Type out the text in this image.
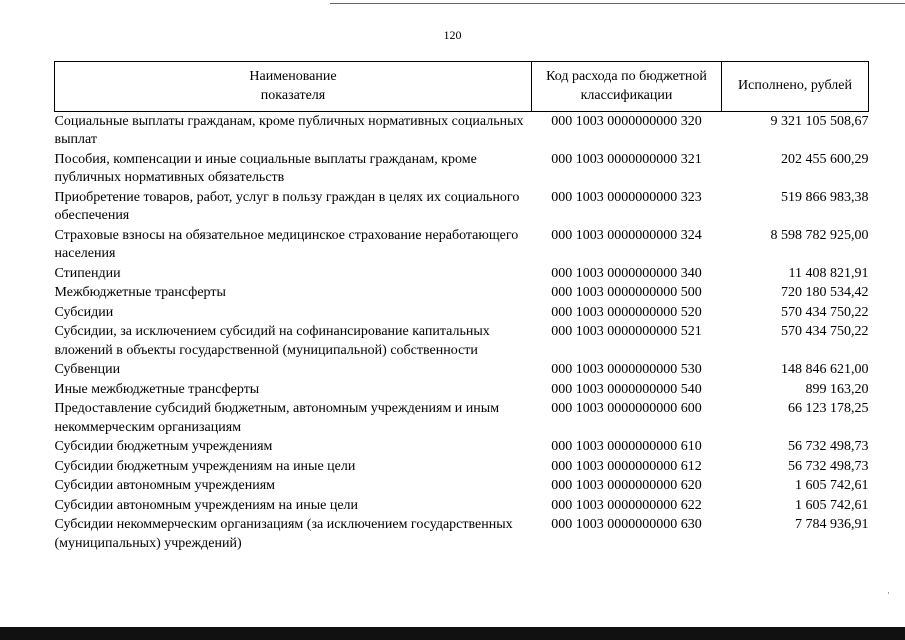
120
Наименование
показателя	Код расхода по бюджетной классификации	Исполнено, рублей
Социальные выплаты гражданам, кроме публичных нормативных социальных выплат	000 1003 0000000000 320	9 321 105 508,67
Пособия, компенсации и иные социальные выплаты гражданам, кроме публичных нормативных обязательств	000 1003 0000000000 321	202 455 600,29
Приобретение товаров, работ, услуг в пользу граждан в целях их социального обеспечения	000 1003 0000000000 323	519 866 983,38
Страховые взносы на обязательное медицинское страхование неработающего населения	000 1003 0000000000 324	8 598 782 925,00
Стипендии	000 1003 0000000000 340	11 408 821,91
Межбюджетные трансферты	000 1003 0000000000 500	720 180 534,42
Субсидии	000 1003 0000000000 520	570 434 750,22
Субсидии, за исключением субсидий на софинансирование капитальных вложений в объекты государственной (муниципальной) собственности	000 1003 0000000000 521	570 434 750,22
Субвенции	000 1003 0000000000 530	148 846 621,00
Иные межбюджетные трансферты	000 1003 0000000000 540	899 163,20
Предоставление субсидий бюджетным, автономным учреждениям и иным некоммерческим организациям	000 1003 0000000000 600	66 123 178,25
Субсидии бюджетным учреждениям	000 1003 0000000000 610	56 732 498,73
Субсидии бюджетным учреждениям на иные цели	000 1003 0000000000 612	56 732 498,73
Субсидии автономным учреждениям	000 1003 0000000000 620	1 605 742,61
Субсидии автономным учреждениям на иные цели	000 1003 0000000000 622	1 605 742,61
Субсидии некоммерческим организациям (за исключением государственных (муниципальных) учреждений)	000 1003 0000000000 630	7 784 936,91
·
